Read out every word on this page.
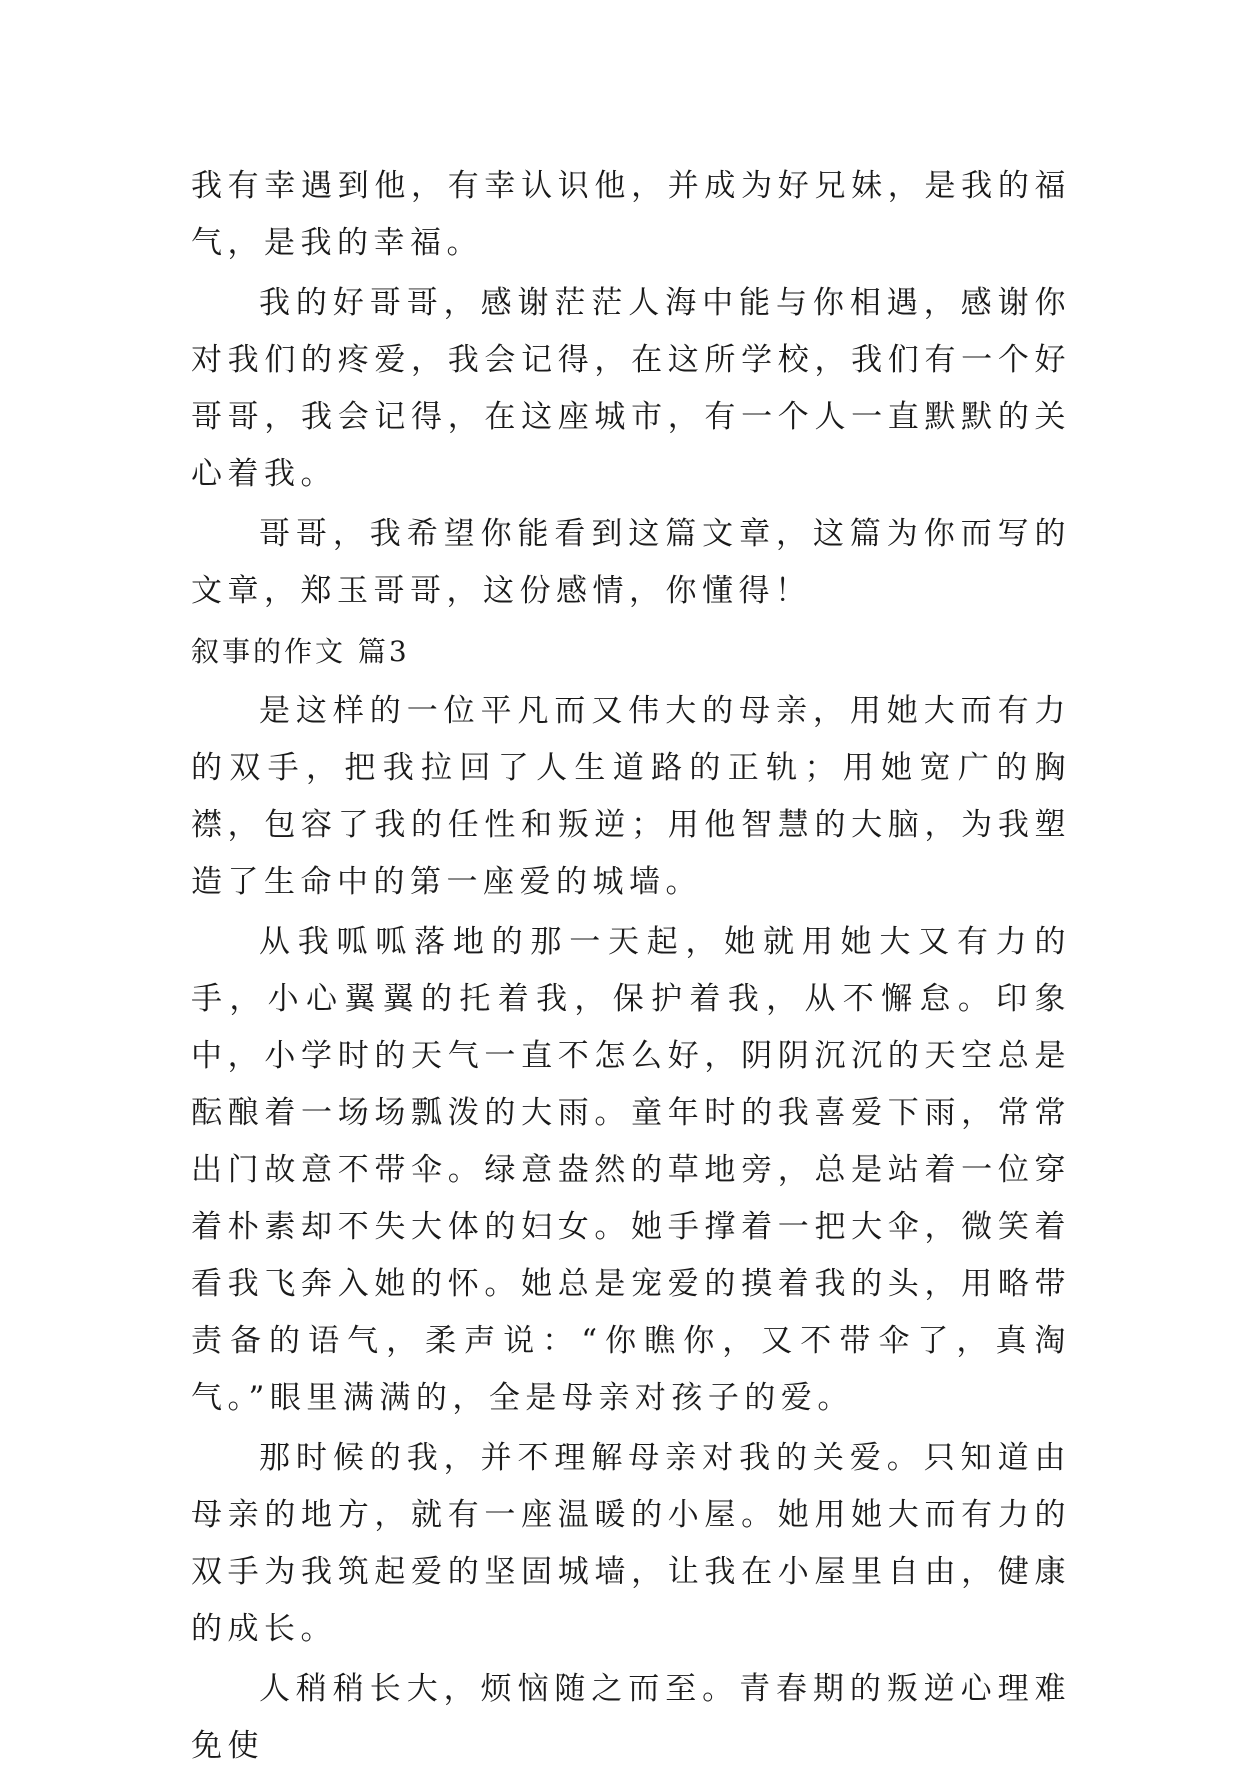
我有幸遇到他，有幸认识他，并成为好兄妹，是我的福气，是我的幸福。

我的好哥哥，感谢茫茫人海中能与你相遇，感谢你对我们的疼爱，我会记得，在这所学校，我们有一个好哥哥，我会记得，在这座城市，有一个人一直默默的关心着我。

哥哥，我希望你能看到这篇文章，这篇为你而写的文章，郑玉哥哥，这份感情，你懂得！

叙事的作文 篇3

是这样的一位平凡而又伟大的母亲，用她大而有力的双手，把我拉回了人生道路的正轨；用她宽广的胸襟，包容了我的任性和叛逆；用他智慧的大脑，为我塑造了生命中的第一座爱的城墙。

从我呱呱落地的那一天起，她就用她大又有力的手，小心翼翼的托着我，保护着我，从不懈怠。印象中，小学时的天气一直不怎么好，阴阴沉沉的天空总是酝酿着一场场瓢泼的大雨。童年时的我喜爱下雨，常常出门故意不带伞。绿意盎然的草地旁，总是站着一位穿着朴素却不失大体的妇女。她手撑着一把大伞，微笑着看我飞奔入她的怀。她总是宠爱的摸着我的头，用略带责备的语气，柔声说：“你瞧你，又不带伞了，真淘气。”眼里满满的，全是母亲对孩子的爱。

那时候的我，并不理解母亲对我的关爱。只知道由母亲的地方，就有一座温暖的小屋。她用她大而有力的双手为我筑起爱的坚固城墙，让我在小屋里自由，健康的成长。

人稍稍长大，烦恼随之而至。青春期的叛逆心理难免使
